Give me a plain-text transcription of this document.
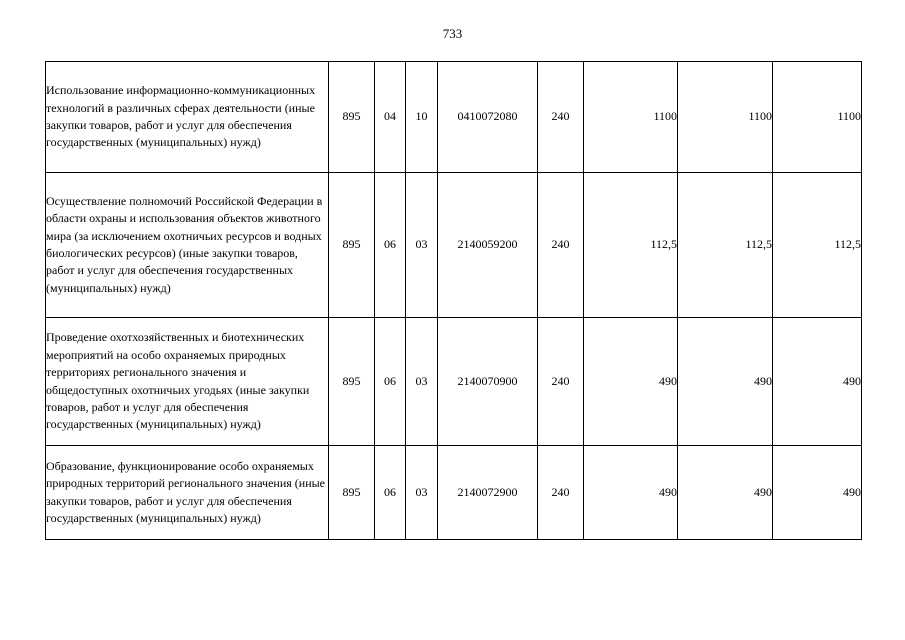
733
Использование информационно-коммуникационных технологий в различных сферах деятельности (иные закупки товаров, работ и услуг для обеспечения государственных (муниципальных) нужд)	895	04	10	0410072080	240	1100	1100	1100
Осуществление полномочий Российской Федерации в области охраны и использования объектов животного мира (за исключением охотничьих ресурсов и водных биологических ресурсов) (иные закупки товаров, работ и услуг для обеспечения государственных (муниципальных) нужд)	895	06	03	2140059200	240	112,5	112,5	112,5
Проведение охотхозяйственных и биотехнических мероприятий на особо охраняемых природных территориях регионального значения и общедоступных охотничьих угодьях (иные закупки товаров, работ и услуг для обеспечения государственных (муниципальных) нужд)	895	06	03	2140070900	240	490	490	490
Образование, функционирование особо охраняемых природных территорий регионального значения (иные закупки товаров, работ и услуг для обеспечения государственных (муниципальных) нужд)	895	06	03	2140072900	240	490	490	490
